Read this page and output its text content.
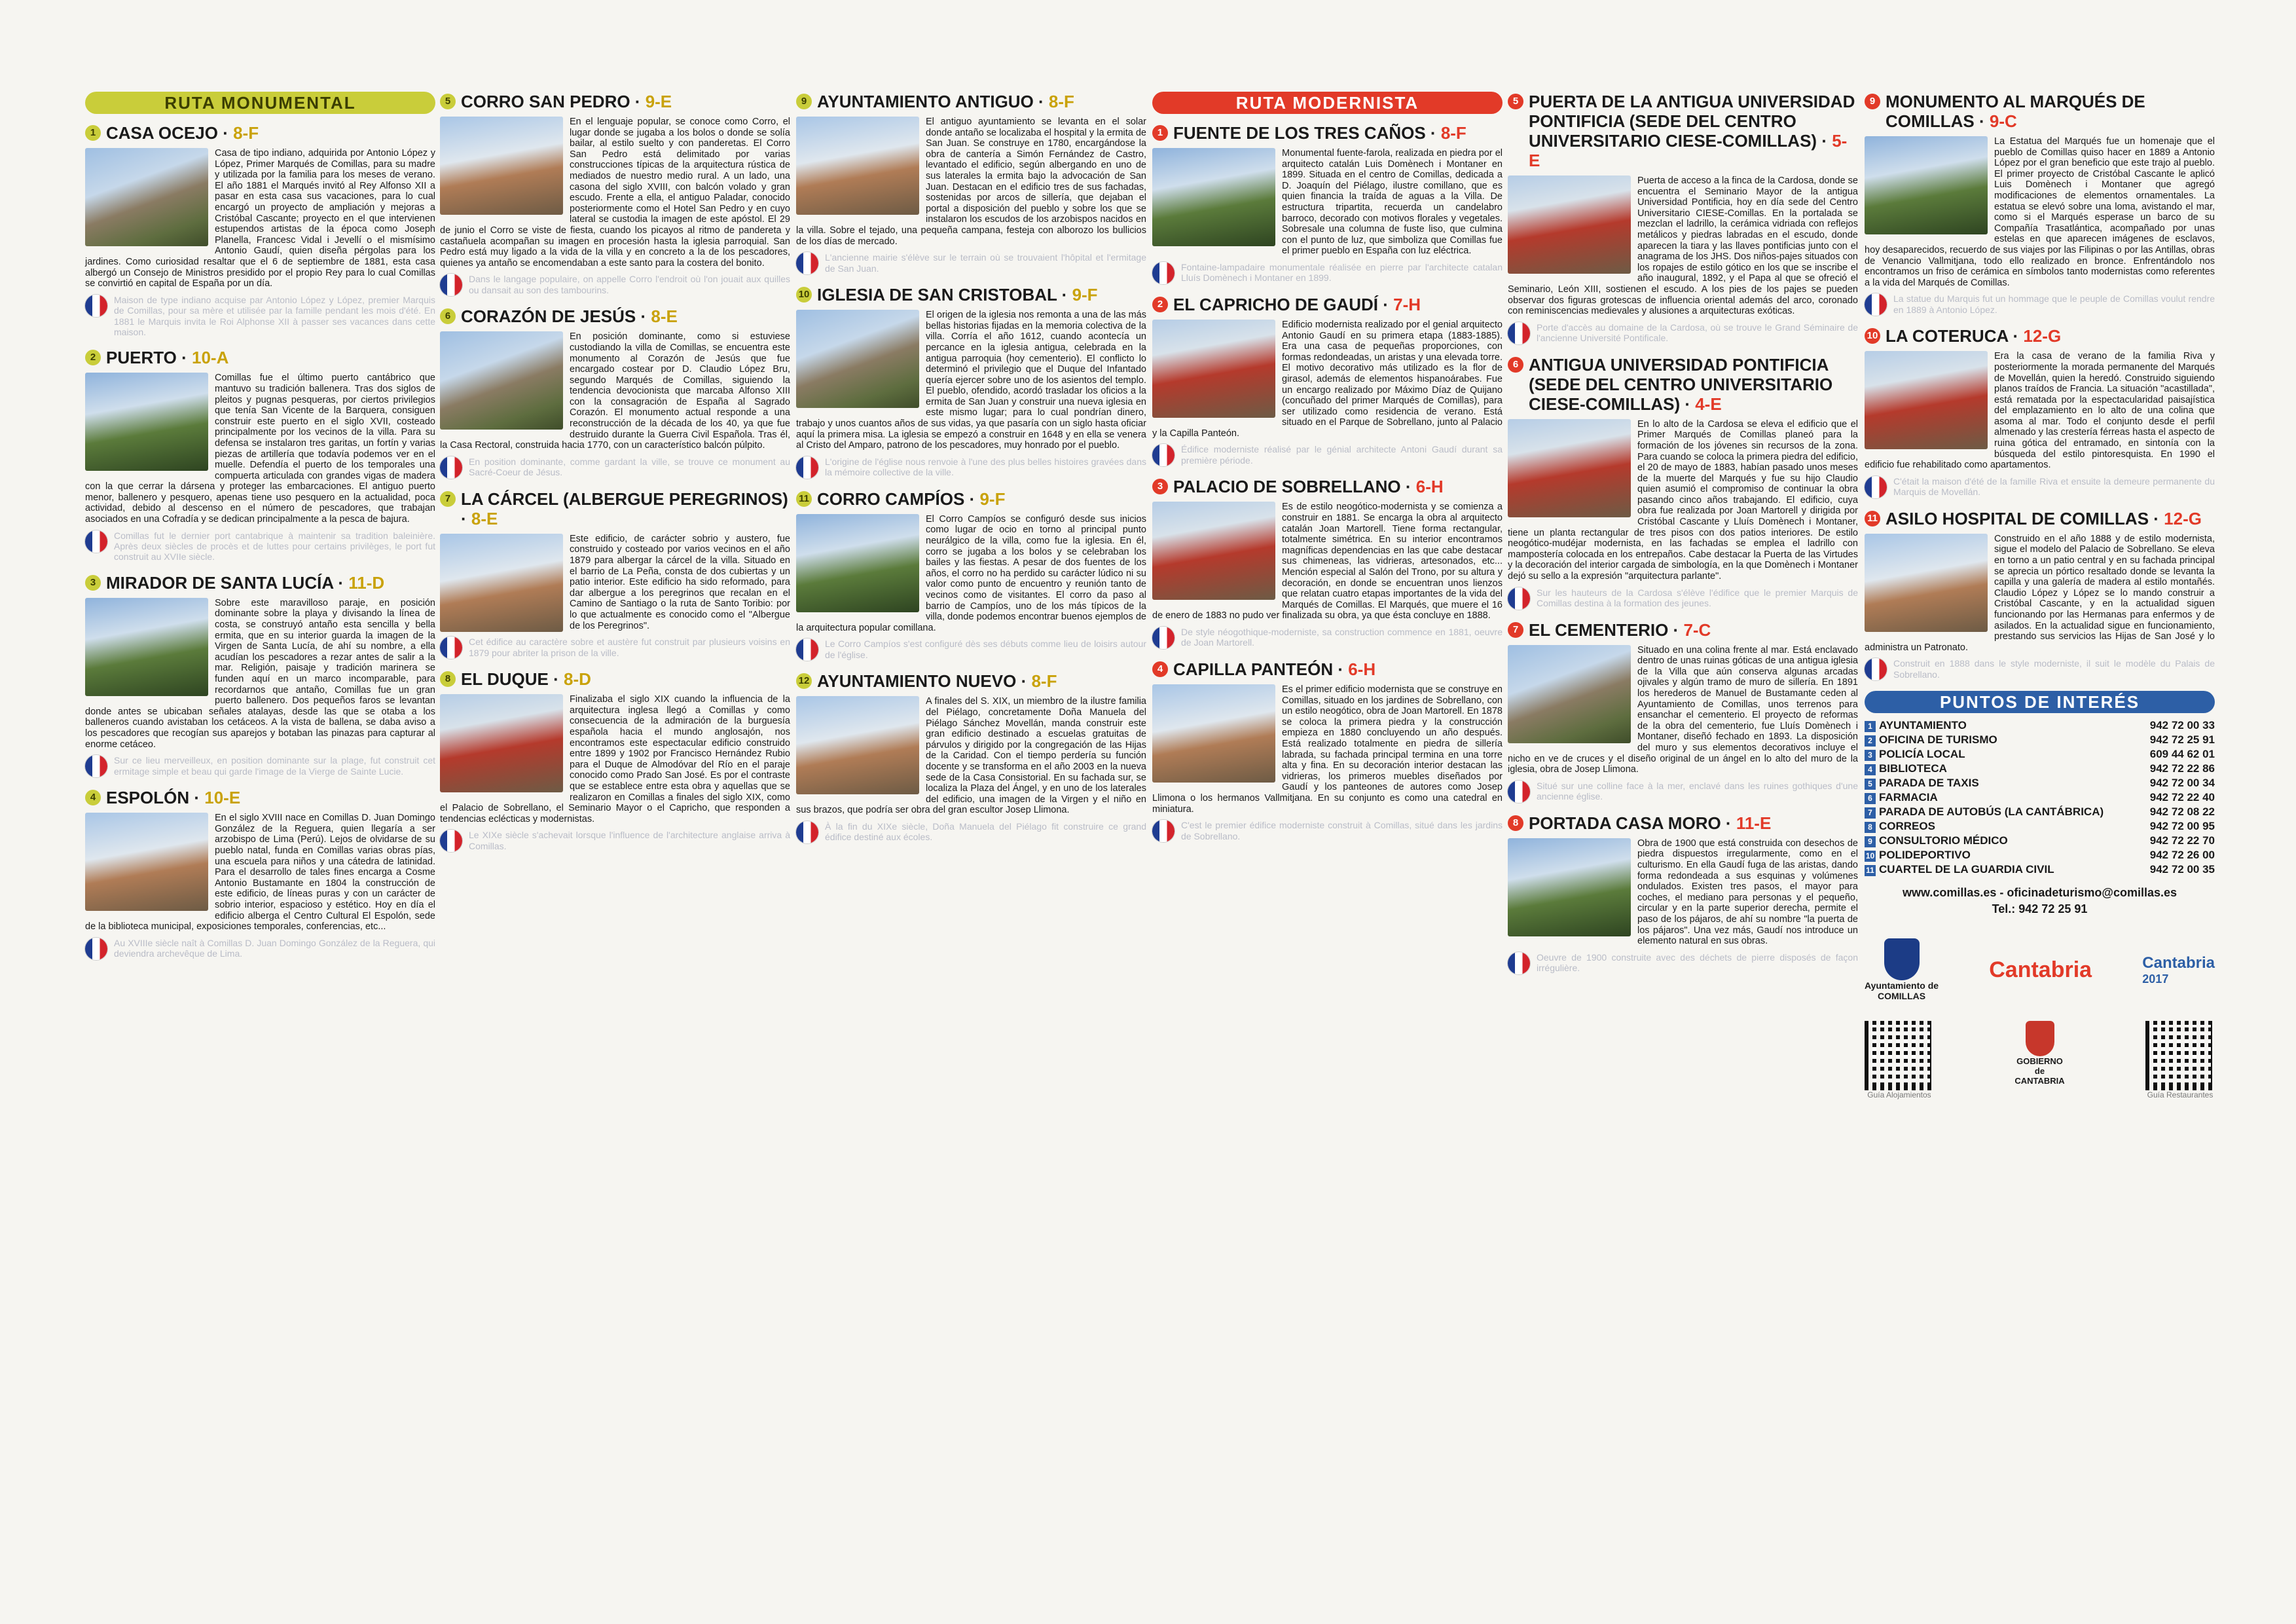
RUTA MONUMENTAL
1 CASA OCEJO · 8-F
Casa de tipo indiano, adquirida por Antonio López y López, Primer Marqués de Comillas, para su madre y utilizada por la familia para los meses de verano. El año 1881 el Marqués invitó al Rey Alfonso XII a pasar en esta casa sus vacaciones, para lo cual encargó un proyecto de ampliación y mejoras a Cristóbal Cascante; proyecto en el que intervienen estupendos artistas de la época como Joseph Planella, Francesc Vidal i Jevellí o el mismísimo Antonio Gaudí, quien diseña pérgolas para los jardines. Como curiosidad resaltar que el 6 de septiembre de 1881, esta casa albergó un Consejo de Ministros presidido por el propio Rey para lo cual Comillas se convirtió en capital de España por un día.
Maison de type indiano acquise par Antonio López y López, premier Marquis de Comillas, pour sa mère et utilisée par la famille pendant les mois d'été. En 1881 le Marquis invita le Roi Alphonse XII à passer ses vacances dans cette maison.
2 PUERTO · 10-A
Comillas fue el último puerto cantábrico que mantuvo su tradición ballenera. Tras dos siglos de pleitos y pugnas pesqueras, por ciertos privilegios que tenía San Vicente de la Barquera, consiguen construir este puerto en el siglo XVII, costeado principalmente por los vecinos de la villa. Para su defensa se instalaron tres garitas, un fortín y varias piezas de artillería que todavía podemos ver en el muelle. Defendía el puerto de los temporales una compuerta articulada con grandes vigas de madera con la que cerrar la dársena y proteger las embarcaciones. El antiguo puerto menor, ballenero y pesquero, apenas tiene uso pesquero en la actualidad, poca actividad, debido al descenso en el número de pescadores, que trabajan asociados en una Cofradía y se dedican principalmente a la pesca de bajura.
Comillas fut le dernier port cantabrique à maintenir sa tradition baleinière. Après deux siècles de procès et de luttes pour certains privilèges, le port fut construit au XVIIe siècle.
3 MIRADOR DE SANTA LUCÍA · 11-D
Sobre este maravilloso paraje, en posición dominante sobre la playa y divisando la línea de costa, se construyó antaño esta sencilla y bella ermita, que en su interior guarda la imagen de la Virgen de Santa Lucía, de ahí su nombre, a ella acudían los pescadores a rezar antes de salir a la mar. Religión, paisaje y tradición marinera se funden aquí en un marco incomparable, para recordarnos que antaño, Comillas fue un gran puerto ballenero. Dos pequeños faros se levantan donde antes se ubicaban señales atalayas, desde las que se otaba a los balleneros cuando avistaban los cetáceos. A la vista de ballena, se daba aviso a los pescadores que recogían sus aparejos y botaban las pinazas para capturar al enorme cetáceo.
Sur ce lieu merveilleux, en position dominante sur la plage, fut construit cet ermitage simple et beau qui garde l'image de la Vierge de Sainte Lucie.
4 ESPOLÓN · 10-E
En el siglo XVIII nace en Comillas D. Juan Domingo González de la Reguera, quien llegaría a ser arzobispo de Lima (Perú). Lejos de olvidarse de su pueblo natal, funda en Comillas varias obras pías, una escuela para niños y una cátedra de latinidad. Para el desarrollo de tales fines encarga a Cosme Antonio Bustamante en 1804 la construcción de este edificio, de líneas puras y con un carácter de sobrio interior, espacioso y estético. Hoy en día el edificio alberga el Centro Cultural El Espolón, sede de la biblioteca municipal, exposiciones temporales, conferencias, etc...
Au XVIIIe siècle naît à Comillas D. Juan Domingo González de la Reguera, qui deviendra archevêque de Lima.
5 CORRO SAN PEDRO · 9-E
En el lenguaje popular, se conoce como Corro, el lugar donde se jugaba a los bolos o donde se solía bailar, al estilo suelto y con panderetas. El Corro San Pedro está delimitado por varias construcciones típicas de la arquitectura rústica de mediados de nuestro medio rural. A un lado, una casona del siglo XVIII, con balcón volado y gran escudo. Frente a ella, el antiguo Paladar, conocido posteriormente como el Hotel San Pedro y en cuyo lateral se custodia la imagen de este apóstol. El 29 de junio el Corro se viste de fiesta, cuando los picayos al ritmo de pandereta y castañuela acompañan su imagen en procesión hasta la iglesia parroquial. San Pedro está muy ligado a la vida de la villa y en concreto a la de los pescadores, quienes ya antaño se encomendaban a este santo para la costera del bonito.
Dans le langage populaire, on appelle Corro l'endroit où l'on jouait aux quilles ou dansait au son des tambourins.
6 CORAZÓN DE JESÚS · 8-E
En posición dominante, como si estuviese custodiando la villa de Comillas, se encuentra este monumento al Corazón de Jesús que fue encargado costear por D. Claudio López Bru, segundo Marqués de Comillas, siguiendo la tendencia devocionista que marcaba Alfonso XIII con la consagración de España al Sagrado Corazón. El monumento actual responde a una reconstrucción de la década de los 40, ya que fue destruido durante la Guerra Civil Española. Tras él, la Casa Rectoral, construida hacia 1770, con un característico balcón púlpito.
En position dominante, comme gardant la ville, se trouve ce monument au Sacré-Coeur de Jésus.
7 LA CÁRCEL (ALBERGUE PEREGRINOS) · 8-E
Este edificio, de carácter sobrio y austero, fue construido y costeado por varios vecinos en el año 1879 para albergar la cárcel de la villa. Situado en el barrio de La Peña, consta de dos cubiertas y un patio interior. Este edificio ha sido reformado, para dar albergue a los peregrinos que recalan en el Camino de Santiago o la ruta de Santo Toribio: por lo que actualmente es conocido como el "Albergue de los Peregrinos".
Cet édifice au caractère sobre et austère fut construit par plusieurs voisins en 1879 pour abriter la prison de la ville.
8 EL DUQUE · 8-D
Finalizaba el siglo XIX cuando la influencia de la arquitectura inglesa llegó a Comillas y como consecuencia de la admiración de la burguesía española hacia el mundo anglosajón, nos encontramos este espectacular edificio construido entre 1899 y 1902 por Francisco Hernández Rubio para el Duque de Almodóvar del Río en el paraje conocido como Prado San José. Es por el contraste que se establece entre esta obra y aquellas que se realizaron en Comillas a finales del siglo XIX, como el Palacio de Sobrellano, el Seminario Mayor o el Capricho, que responden a tendencias eclécticas y modernistas.
Le XIXe siècle s'achevait lorsque l'influence de l'architecture anglaise arriva à Comillas.
9 AYUNTAMIENTO ANTIGUO · 8-F
El antiguo ayuntamiento se levanta en el solar donde antaño se localizaba el hospital y la ermita de San Juan. Se construye en 1780, encargándose la obra de cantería a Simón Fernández de Castro, levantado el edificio, según albergando en uno de sus laterales la ermita bajo la advocación de San Juan. Destacan en el edificio tres de sus fachadas, sostenidas por arcos de sillería, que dejaban el portal a disposición del pueblo y sobre los que se instalaron los escudos de los arzobispos nacidos en la villa. Sobre el tejado, una pequeña campana, festeja con alborozo los bullicios de los días de mercado.
L'ancienne mairie s'élève sur le terrain où se trouvaient l'hôpital et l'ermitage de San Juan.
10 IGLESIA DE SAN CRISTOBAL · 9-F
El origen de la iglesia nos remonta a una de las más bellas historias fijadas en la memoria colectiva de la villa. Corría el año 1612, cuando acontecía un percance en la iglesia antigua, celebrada en la antigua parroquia (hoy cementerio). El conflicto lo determinó el privilegio que el Duque del Infantado quería ejercer sobre uno de los asientos del templo. El pueblo, ofendido, acordó trasladar los oficios a la ermita de San Juan y construir una nueva iglesia en este mismo lugar; para lo cual pondrían dinero, trabajo y unos cuantos años de sus vidas, ya que pasaría con un siglo hasta oficiar aquí la primera misa. La iglesia se empezó a construir en 1648 y en ella se venera al Cristo del Amparo, patrono de los pescadores, muy honrado por el pueblo.
L'origine de l'église nous renvoie à l'une des plus belles histoires gravées dans la mémoire collective de la ville.
11 CORRO CAMPÍOS · 9-F
El Corro Campíos se configuró desde sus inicios como lugar de ocio en torno al principal punto neurálgico de la villa, como fue la iglesia. En él, corro se jugaba a los bolos y se celebraban los bailes y las fiestas. A pesar de dos fuentes de los años, el corro no ha perdido su carácter lúdico ni su valor como punto de encuentro y reunión tanto de vecinos como de visitantes. El corro da paso al barrio de Campíos, uno de los más típicos de la villa, donde podemos encontrar buenos ejemplos de la arquitectura popular comillana.
Le Corro Campíos s'est configuré dès ses débuts comme lieu de loisirs autour de l'église.
12 AYUNTAMIENTO NUEVO · 8-F
A finales del S. XIX, un miembro de la ilustre familia del Piélago, concretamente Doña Manuela del Piélago Sánchez Movellán, manda construir este gran edificio destinado a escuelas gratuitas de párvulos y dirigido por la congregación de las Hijas de la Caridad. Con el tiempo perdería su función docente y se transforma en el año 2003 en la nueva sede de la Casa Consistorial. En su fachada sur, se localiza la Plaza del Ángel, y en uno de los laterales del edificio, una imagen de la Virgen y el niño en sus brazos, que podría ser obra del gran escultor Josep Llimona.
À la fin du XIXe siècle, Doña Manuela del Piélago fit construire ce grand édifice destiné aux écoles.
RUTA MODERNISTA
1 FUENTE DE LOS TRES CAÑOS · 8-F
Monumental fuente-farola, realizada en piedra por el arquitecto catalán Luis Domènech i Montaner en 1899. Situada en el centro de Comillas, dedicada a D. Joaquín del Piélago, ilustre comillano, que es quien financia la traída de aguas a la Villa. De estructura tripartita, recuerda un candelabro barroco, decorado con motivos florales y vegetales. Sobresale una columna de fuste liso, que culmina con el punto de luz, que simboliza que Comillas fue el primer pueblo en España con luz eléctrica.
Fontaine-lampadaire monumentale réalisée en pierre par l'architecte catalan Lluís Domènech i Montaner en 1899.
2 EL CAPRICHO DE GAUDÍ · 7-H
Edificio modernista realizado por el genial arquitecto Antonio Gaudí en su primera etapa (1883-1885). Era una casa de pequeñas proporciones, con formas redondeadas, un aristas y una elevada torre. El motivo decorativo más utilizado es la flor de girasol, además de elementos hispanoárabes. Fue un encargo realizado por Máximo Díaz de Quijano (concuñado del primer Marqués de Comillas), para ser utilizado como residencia de verano. Está situado en el Parque de Sobrellano, junto al Palacio y la Capilla Panteón.
Édifice moderniste réalisé par le génial architecte Antoni Gaudí durant sa première période.
3 PALACIO DE SOBRELLANO · 6-H
Es de estilo neogótico-modernista y se comienza a construir en 1881. Se encarga la obra al arquitecto catalán Joan Martorell. Tiene forma rectangular, totalmente simétrica. En su interior encontramos magníficas dependencias en las que cabe destacar sus chimeneas, las vidrieras, artesonados, etc... Mención especial al Salón del Trono, por su altura y decoración, en donde se encuentran unos lienzos que relatan cuatro etapas importantes de la vida del Marqués de Comillas. El Marqués, que muere el 16 de enero de 1883 no pudo ver finalizada su obra, ya que ésta concluye en 1888.
De style néogothique-moderniste, sa construction commence en 1881, oeuvre de Joan Martorell.
4 CAPILLA PANTEÓN · 6-H
Es el primer edificio modernista que se construye en Comillas, situado en los jardines de Sobrellano, con un estilo neogótico, obra de Joan Martorell. En 1878 se coloca la primera piedra y la construcción empieza en 1880 concluyendo un año después. Está realizado totalmente en piedra de sillería labrada, su fachada principal termina en una torre alta y fina. En su decoración interior destacan las vidrieras, los primeros muebles diseñados por Gaudí y los panteones de autores como Josep Llimona o los hermanos Vallmitjana. En su conjunto es como una catedral en miniatura.
C'est le premier édifice moderniste construit à Comillas, situé dans les jardins de Sobrellano.
5 PUERTA DE LA ANTIGUA UNIVERSIDAD PONTIFICIA (SEDE DEL CENTRO UNIVERSITARIO CIESE-COMILLAS) · 5-E
Puerta de acceso a la finca de la Cardosa, donde se encuentra el Seminario Mayor de la antigua Universidad Pontificia, hoy en día sede del Centro Universitario CIESE-Comillas. En la portalada se mezclan el ladrillo, la cerámica vidriada con reflejos metálicos y piedras labradas en el escudo, donde aparecen la tiara y las llaves pontificias junto con el anagrama de los JHS. Dos niños-pajes situados con los ropajes de estilo gótico en los que se inscribe el año inaugural, 1892, y el Papa al que se ofreció el Seminario, León XIII, sostienen el escudo. A los pies de los pajes se pueden observar dos figuras grotescas de influencia oriental además del arco, coronado con reminiscencias medievales y alusiones a arquitecturas exóticas.
Porte d'accès au domaine de la Cardosa, où se trouve le Grand Séminaire de l'ancienne Université Pontificale.
6 ANTIGUA UNIVERSIDAD PONTIFICIA (SEDE DEL CENTRO UNIVERSITARIO CIESE-COMILLAS) · 4-E
En lo alto de la Cardosa se eleva el edificio que el Primer Marqués de Comillas planeó para la formación de los jóvenes sin recursos de la zona. Para cuando se coloca la primera piedra del edificio, el 20 de mayo de 1883, habían pasado unos meses de la muerte del Marqués y fue su hijo Claudio quien asumió el compromiso de continuar la obra pasando cinco años trabajando. El edificio, cuya obra fue realizada por Joan Martorell y dirigida por Cristóbal Cascante y Lluís Domènech i Montaner, tiene un planta rectangular de tres pisos con dos patios interiores. De estilo neogótico-mudéjar modernista, en las fachadas se emplea el ladrillo con mampostería colocada en los entrepaños. Cabe destacar la Puerta de las Virtudes y la decoración del interior cargada de simbología, en la que Domènech i Montaner dejó su sello a la expresión "arquitectura parlante".
Sur les hauteurs de la Cardosa s'élève l'édifice que le premier Marquis de Comillas destina à la formation des jeunes.
7 EL CEMENTERIO · 7-C
Situado en una colina frente al mar. Está enclavado dentro de unas ruinas góticas de una antigua iglesia de la Villa que aún conserva algunas arcadas ojivales y algún tramo de muro de sillería. En 1891 los herederos de Manuel de Bustamante ceden al Ayuntamiento de Comillas, unos terrenos para ensanchar el cementerio. El proyecto de reformas de la obra del cementerio, fue Lluís Domènech i Montaner, diseñó fechado en 1893. La disposición del muro y sus elementos decorativos incluye el nicho en ve de cruces y el diseño original de un ángel en lo alto del muro de la iglesia, obra de Josep Llimona.
Situé sur une colline face à la mer, enclavé dans les ruines gothiques d'une ancienne église.
8 PORTADA CASA MORO · 11-E
Obra de 1900 que está construida con desechos de piedra dispuestos irregularmente, como en el culturismo. En ella Gaudí fuga de las aristas, dando forma redondeada a sus esquinas y volúmenes ondulados. Existen tres pasos, el mayor para coches, el mediano para personas y el pequeño, circular y en la parte superior derecha, permite el paso de los pájaros, de ahí su nombre "la puerta de los pájaros". Una vez más, Gaudí nos introduce un elemento natural en sus obras.
Oeuvre de 1900 construite avec des déchets de pierre disposés de façon irrégulière.
9 MONUMENTO AL MARQUÉS DE COMILLAS · 9-C
La Estatua del Marqués fue un homenaje que el pueblo de Comillas quiso hacer en 1889 a Antonio López por el gran beneficio que este trajo al pueblo. El primer proyecto de Cristóbal Cascante le aplicó Luis Domènech i Montaner que agregó modificaciones de elementos ornamentales. La estatua se elevó sobre una loma, avistando el mar, como si el Marqués esperase un barco de su Compañía Trasatlántica, acompañado por unas estelas en que aparecen imágenes de esclavos, hoy desaparecidos, recuerdo de sus viajes por las Filipinas o por las Antillas, obras de Venancio Vallmitjana, todo ello realizado en bronce. Enfrentándolo nos encontramos un friso de cerámica en símbolos tanto modernistas como referentes a la vida del Marqués de Comillas.
La statue du Marquis fut un hommage que le peuple de Comillas voulut rendre en 1889 à Antonio López.
10 LA COTERUCA · 12-G
Era la casa de verano de la familia Riva y posteriormente la morada permanente del Marqués de Movellán, quien la heredó. Construido siguiendo planos traídos de Francia. La situación "acastillada", está rematada por la espectacularidad paisajística del emplazamiento en lo alto de una colina que asoma al mar. Todo el conjunto desde el perfil almenado y las crestería férreas hasta el aspecto de ruina gótica del entramado, en sintonía con la búsqueda del estilo pintoresquista. En 1990 el edificio fue rehabilitado como apartamentos.
C'était la maison d'été de la famille Riva et ensuite la demeure permanente du Marquis de Movellán.
11 ASILO HOSPITAL DE COMILLAS · 12-G
Construido en el año 1888 y de estilo modernista, sigue el modelo del Palacio de Sobrellano. Se eleva en torno a un patio central y en su fachada principal se aprecia un pórtico resaltado donde se levanta la capilla y una galería de madera al estilo montañés. Claudio López y López se lo mando construir a Cristóbal Cascante, y en la actualidad siguen funcionando por las Hermanas para enfermos y de asilados. En la actualidad sigue en funcionamiento, prestando sus servicios las Hijas de San José y lo administra un Patronato.
Construit en 1888 dans le style moderniste, il suit le modèle du Palais de Sobrellano.
PUNTOS DE INTERÉS
1	AYUNTAMIENTO	942 72 00 33
2	OFICINA DE TURISMO	942 72 25 91
3	POLICÍA LOCAL	609 44 62 01
4	BIBLIOTECA	942 72 22 86
5	PARADA DE TAXIS	942 72 00 34
6	FARMACIA	942 72 22 40
7	PARADA DE AUTOBÚS (LA CANTÁBRICA)	942 72 08 22
8	CORREOS	942 72 00 95
9	CONSULTORIO MÉDICO	942 72 22 70
10	POLIDEPORTIVO	942 72 26 00
11	CUARTEL DE LA GUARDIA CIVIL	942 72 00 35
www.comillas.es - oficinadeturismo@comillas.es
Tel.: 942 72 25 91
Ayuntamiento de
COMILLAS
Cantabria	Cantabria
2017
Guía Alojamientos
GOBIERNO
de
CANTABRIA
Guía Restaurantes
